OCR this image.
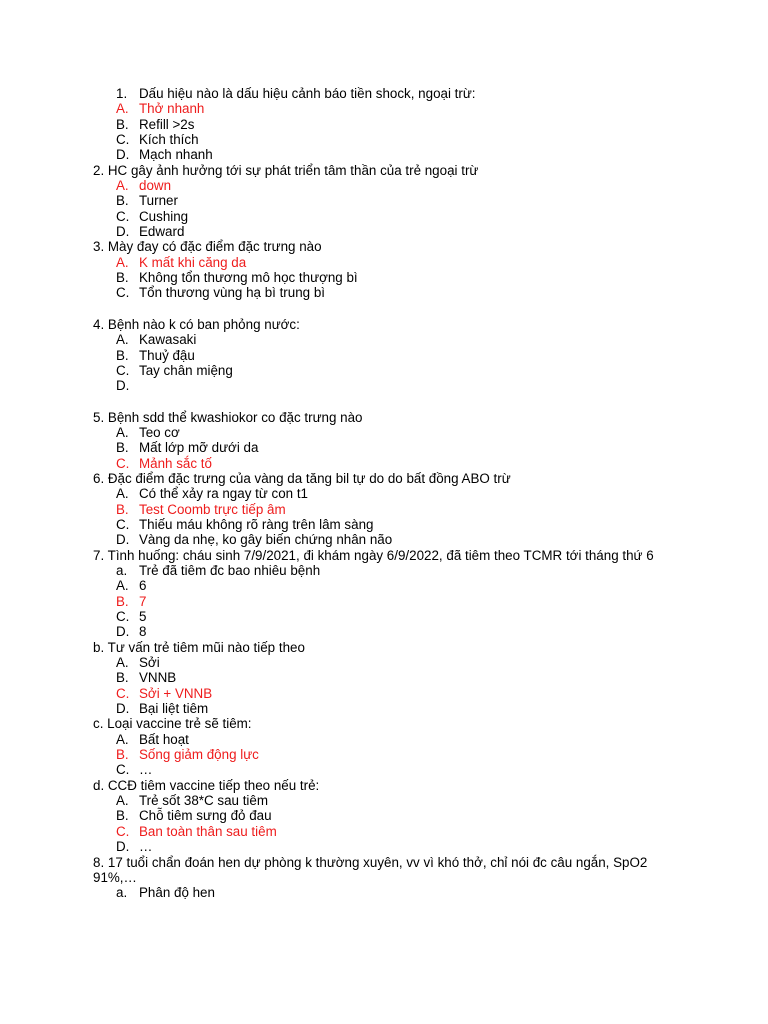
1. Dấu hiệu nào là dấu hiệu cảnh báo tiền shock, ngoại trừ:
A. Thở nhanh
B. Refill >2s
C. Kích thích
D. Mạch nhanh
2. HC gây ảnh hưởng tới sự phát triển tâm thần của trẻ ngoại trừ
A. down
B. Turner
C. Cushing
D. Edward
3. Mày đay có đặc điểm đặc trưng nào
A. K mất khi căng da
B. Không tổn thương mô học thượng bì
C. Tổn thương vùng hạ bì trung bì
4. Bệnh nào k có ban phỏng nước:
A. Kawasaki
B. Thuỷ đậu
C. Tay chân miệng
D.
5. Bệnh sdd thể kwashiokor co đặc trưng nào
A. Teo cơ
B. Mất lớp mỡ dưới da
C. Mảnh sắc tố
6. Đặc điểm đặc trưng của vàng da tăng bil tự do do bất đồng ABO trừ
A. Có thể xảy ra ngay từ con t1
B. Test Coomb trực tiếp âm
C. Thiếu máu không rõ ràng trên lâm sàng
D. Vàng da nhẹ, ko gây biến chứng nhân não
7. Tình huống: cháu sinh 7/9/2021, đi khám ngày 6/9/2022, đã tiêm theo TCMR tới tháng thứ 6
a. Trẻ đã tiêm đc bao nhiêu bệnh
A. 6
B. 7
C. 5
D. 8
b. Tư vấn trẻ tiêm mũi nào tiếp theo
A. Sởi
B. VNNB
C. Sởi + VNNB
D. Bại liệt tiêm
c. Loại vaccine trẻ sẽ tiêm:
A. Bất hoạt
B. Sống giảm động lực
C. …
d. CCĐ tiêm vaccine tiếp theo nếu trẻ:
A. Trẻ sốt 38*C sau tiêm
B. Chỗ tiêm sưng đỏ đau
C. Ban toàn thân sau tiêm
D. …
8. 17 tuổi chẩn đoán hen dự phòng k thường xuyên, vv vì khó thở, chỉ nói đc câu ngắn, SpO2 91%,…
a. Phân độ hen
